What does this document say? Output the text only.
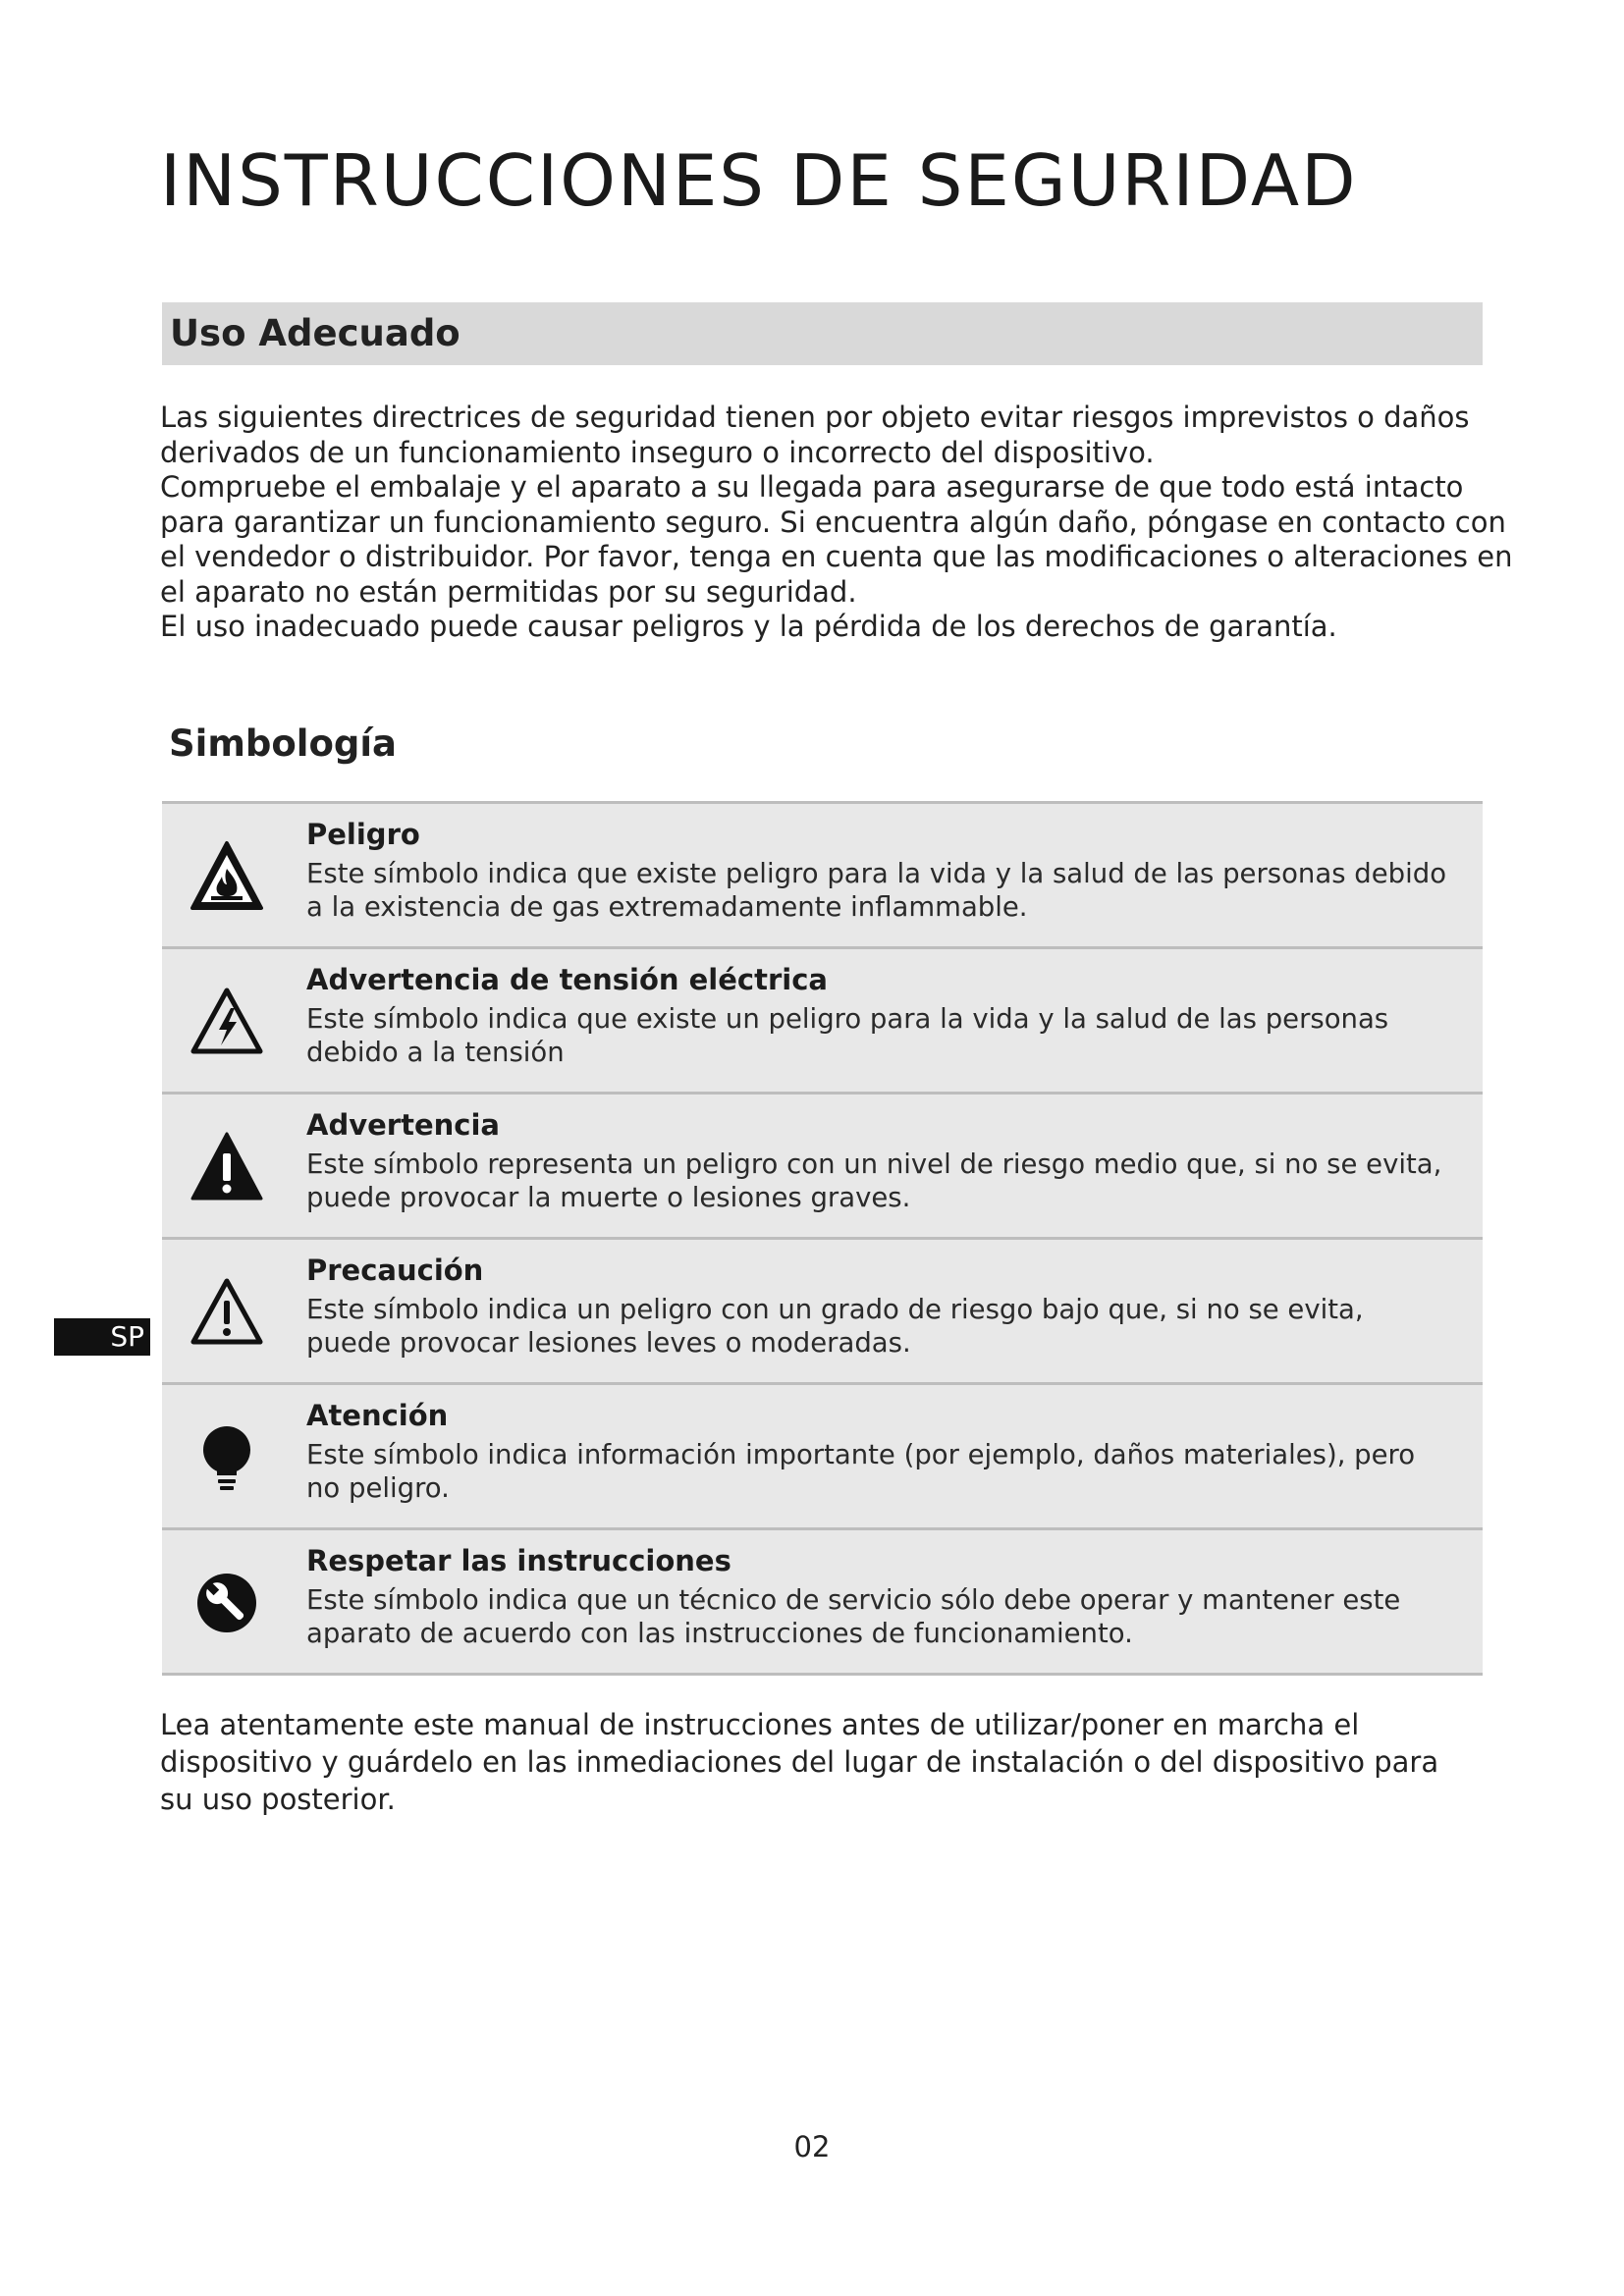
INSTRUCCIONES DE SEGURIDAD
Uso Adecuado

Las siguientes directrices de seguridad tienen por objeto evitar riesgos imprevistos o daños derivados de un funcionamiento inseguro o incorrecto del dispositivo.

Compruebe el embalaje y el aparato a su llegada para asegurarse de que todo está intacto para garantizar un funcionamiento seguro. Si encuentra algún daño, póngase en contacto con el vendedor o distribuidor. Por favor, tenga en cuenta que las modificaciones o alteraciones en el aparato no están permitidas por su seguridad.

El uso inadecuado puede causar peligros y la pérdida de los derechos de garantía.

Simbología
Peligro

Este símbolo indica que existe peligro para la vida y la salud de las personas debido a la existencia de gas extremadamente inflammable.

Advertencia de tensión eléctrica

Este símbolo indica que existe un peligro para la vida y la salud de las personas debido a la tensión

Advertencia

Este símbolo representa un peligro con un nivel de riesgo medio que, si no se evita, puede provocar la muerte o lesiones graves.

Precaución

Este símbolo indica un peligro con un grado de riesgo bajo que, si no se evita, puede provocar lesiones leves o moderadas.

Atención

Este símbolo indica información importante (por ejemplo, daños materiales), pero no peligro.

Respetar las instrucciones

Este símbolo indica que un técnico de servicio sólo debe operar y mantener este aparato de acuerdo con las instrucciones de funcionamiento.

Lea atentamente este manual de instrucciones antes de utilizar/poner en marcha el dispositivo y guárdelo en las inmediaciones del lugar de instalación o del dispositivo para su uso posterior.

SP
02
